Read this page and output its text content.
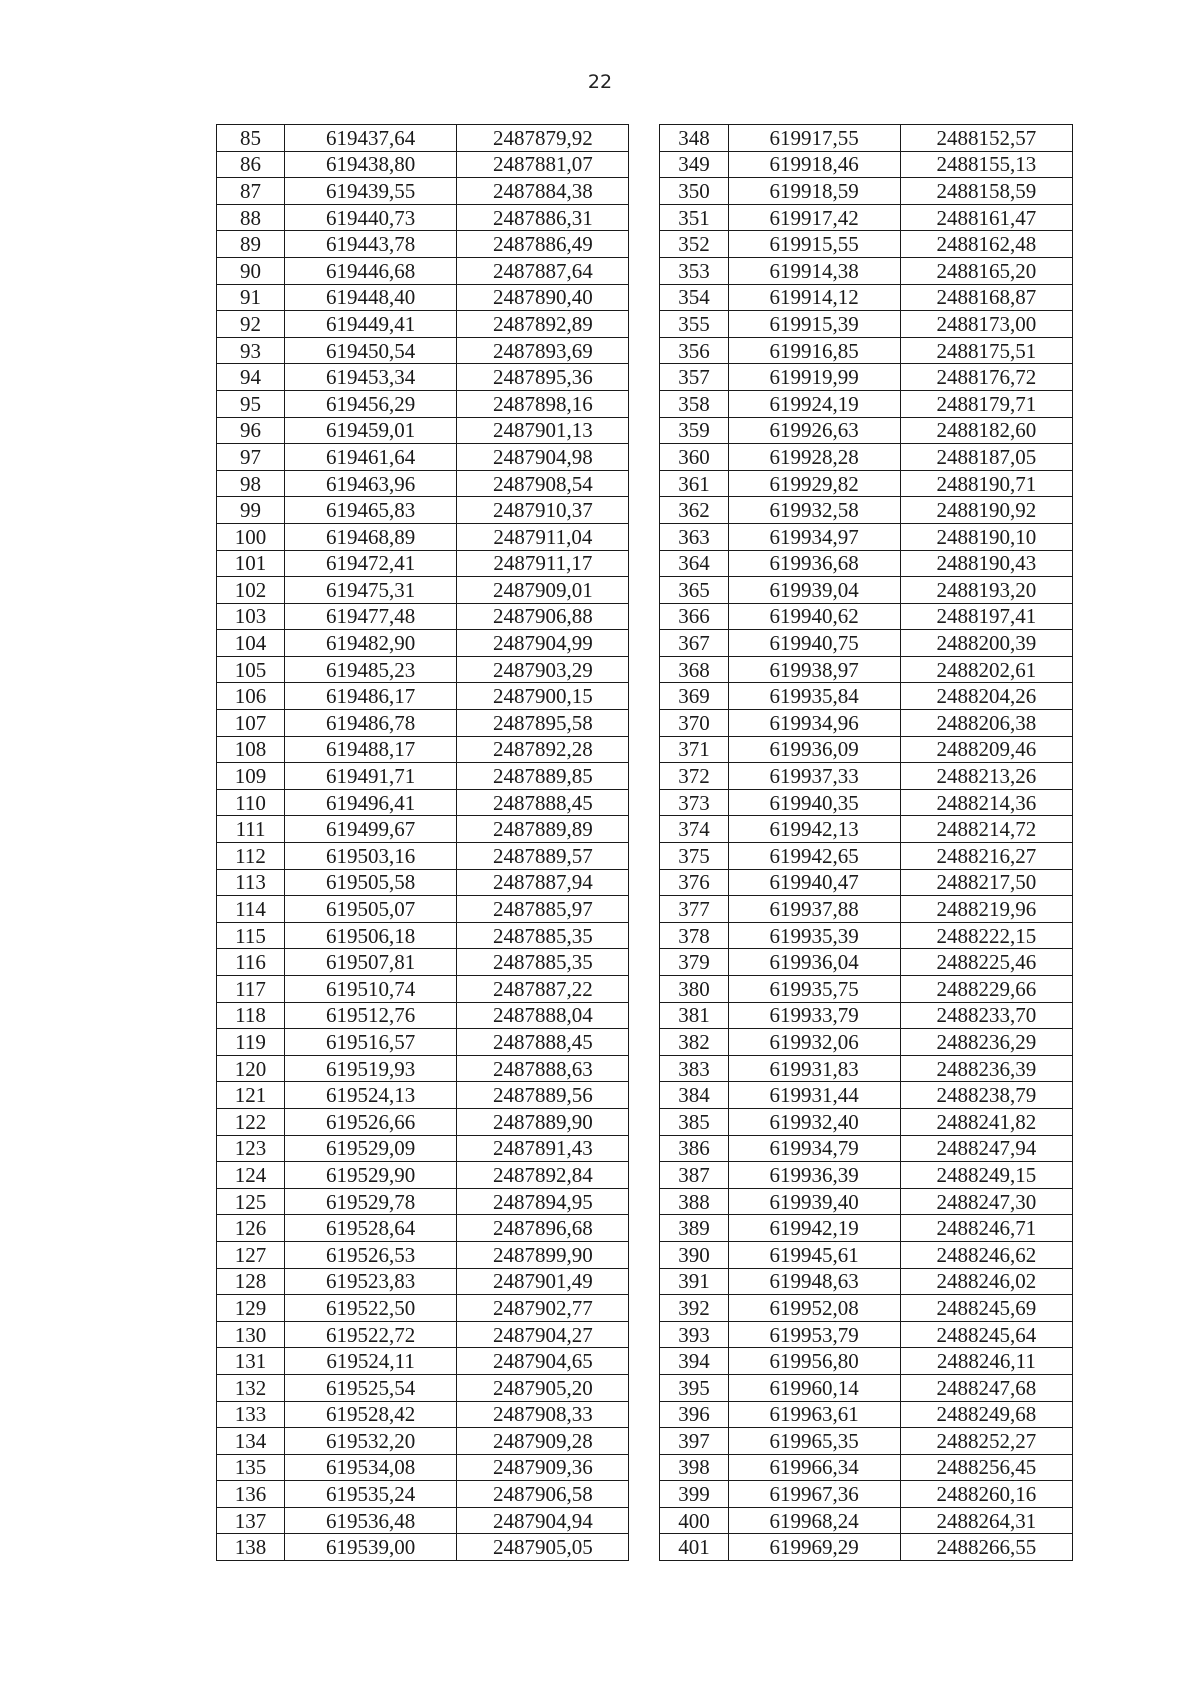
22
85	619437,64	2487879,92		348	619917,55	2488152,57
86	619438,80	2487881,07		349	619918,46	2488155,13
87	619439,55	2487884,38		350	619918,59	2488158,59
88	619440,73	2487886,31		351	619917,42	2488161,47
89	619443,78	2487886,49		352	619915,55	2488162,48
90	619446,68	2487887,64		353	619914,38	2488165,20
91	619448,40	2487890,40		354	619914,12	2488168,87
92	619449,41	2487892,89		355	619915,39	2488173,00
93	619450,54	2487893,69		356	619916,85	2488175,51
94	619453,34	2487895,36		357	619919,99	2488176,72
95	619456,29	2487898,16		358	619924,19	2488179,71
96	619459,01	2487901,13		359	619926,63	2488182,60
97	619461,64	2487904,98		360	619928,28	2488187,05
98	619463,96	2487908,54		361	619929,82	2488190,71
99	619465,83	2487910,37		362	619932,58	2488190,92
100	619468,89	2487911,04		363	619934,97	2488190,10
101	619472,41	2487911,17		364	619936,68	2488190,43
102	619475,31	2487909,01		365	619939,04	2488193,20
103	619477,48	2487906,88		366	619940,62	2488197,41
104	619482,90	2487904,99		367	619940,75	2488200,39
105	619485,23	2487903,29		368	619938,97	2488202,61
106	619486,17	2487900,15		369	619935,84	2488204,26
107	619486,78	2487895,58		370	619934,96	2488206,38
108	619488,17	2487892,28		371	619936,09	2488209,46
109	619491,71	2487889,85		372	619937,33	2488213,26
110	619496,41	2487888,45		373	619940,35	2488214,36
111	619499,67	2487889,89		374	619942,13	2488214,72
112	619503,16	2487889,57		375	619942,65	2488216,27
113	619505,58	2487887,94		376	619940,47	2488217,50
114	619505,07	2487885,97		377	619937,88	2488219,96
115	619506,18	2487885,35		378	619935,39	2488222,15
116	619507,81	2487885,35		379	619936,04	2488225,46
117	619510,74	2487887,22		380	619935,75	2488229,66
118	619512,76	2487888,04		381	619933,79	2488233,70
119	619516,57	2487888,45		382	619932,06	2488236,29
120	619519,93	2487888,63		383	619931,83	2488236,39
121	619524,13	2487889,56		384	619931,44	2488238,79
122	619526,66	2487889,90		385	619932,40	2488241,82
123	619529,09	2487891,43		386	619934,79	2488247,94
124	619529,90	2487892,84		387	619936,39	2488249,15
125	619529,78	2487894,95		388	619939,40	2488247,30
126	619528,64	2487896,68		389	619942,19	2488246,71
127	619526,53	2487899,90		390	619945,61	2488246,62
128	619523,83	2487901,49		391	619948,63	2488246,02
129	619522,50	2487902,77		392	619952,08	2488245,69
130	619522,72	2487904,27		393	619953,79	2488245,64
131	619524,11	2487904,65		394	619956,80	2488246,11
132	619525,54	2487905,20		395	619960,14	2488247,68
133	619528,42	2487908,33		396	619963,61	2488249,68
134	619532,20	2487909,28		397	619965,35	2488252,27
135	619534,08	2487909,36		398	619966,34	2488256,45
136	619535,24	2487906,58		399	619967,36	2488260,16
137	619536,48	2487904,94		400	619968,24	2488264,31
138	619539,00	2487905,05		401	619969,29	2488266,55
